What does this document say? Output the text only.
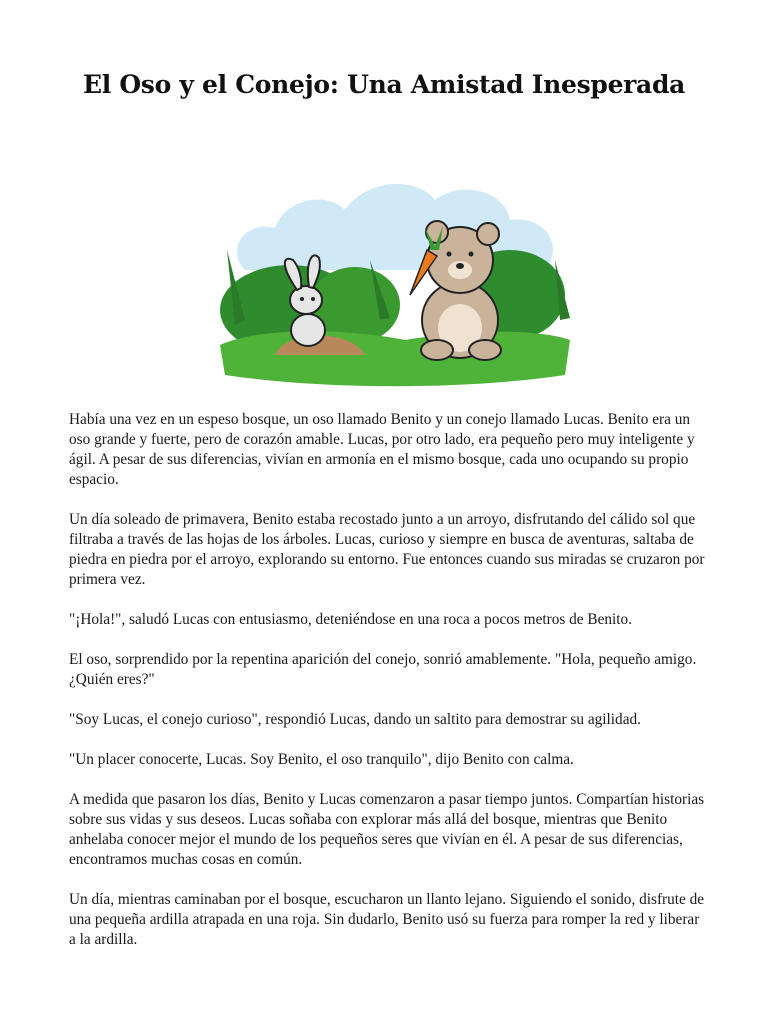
El Oso y el Conejo: Una Amistad Inesperada

Había una vez en un espeso bosque, un oso llamado Benito y un conejo llamado Lucas. Benito era un oso grande y fuerte, pero de corazón amable. Lucas, por otro lado, era pequeño pero muy inteligente y ágil. A pesar de sus diferencias, vivían en armonía en el mismo bosque, cada uno ocupando su propio espacio.

Un día soleado de primavera, Benito estaba recostado junto a un arroyo, disfrutando del cálido sol que filtraba a través de las hojas de los árboles. Lucas, curioso y siempre en busca de aventuras, saltaba de piedra en piedra por el arroyo, explorando su entorno. Fue entonces cuando sus miradas se cruzaron por primera vez.

"¡Hola!", saludó Lucas con entusiasmo, deteniéndose en una roca a pocos metros de Benito.

El oso, sorprendido por la repentina aparición del conejo, sonrió amablemente. "Hola, pequeño amigo. ¿Quién eres?"

"Soy Lucas, el conejo curioso", respondió Lucas, dando un saltito para demostrar su agilidad.

"Un placer conocerte, Lucas. Soy Benito, el oso tranquilo", dijo Benito con calma.

A medida que pasaron los días, Benito y Lucas comenzaron a pasar tiempo juntos. Compartían historias sobre sus vidas y sus deseos. Lucas soñaba con explorar más allá del bosque, mientras que Benito anhelaba conocer mejor el mundo de los pequeños seres que vivían en él. A pesar de sus diferencias, encontramos muchas cosas en común.

Un día, mientras caminaban por el bosque, escucharon un llanto lejano. Siguiendo el sonido, disfrute de una pequeña ardilla atrapada en una roja. Sin dudarlo, Benito usó su fuerza para romper la red y liberar a la ardilla.
